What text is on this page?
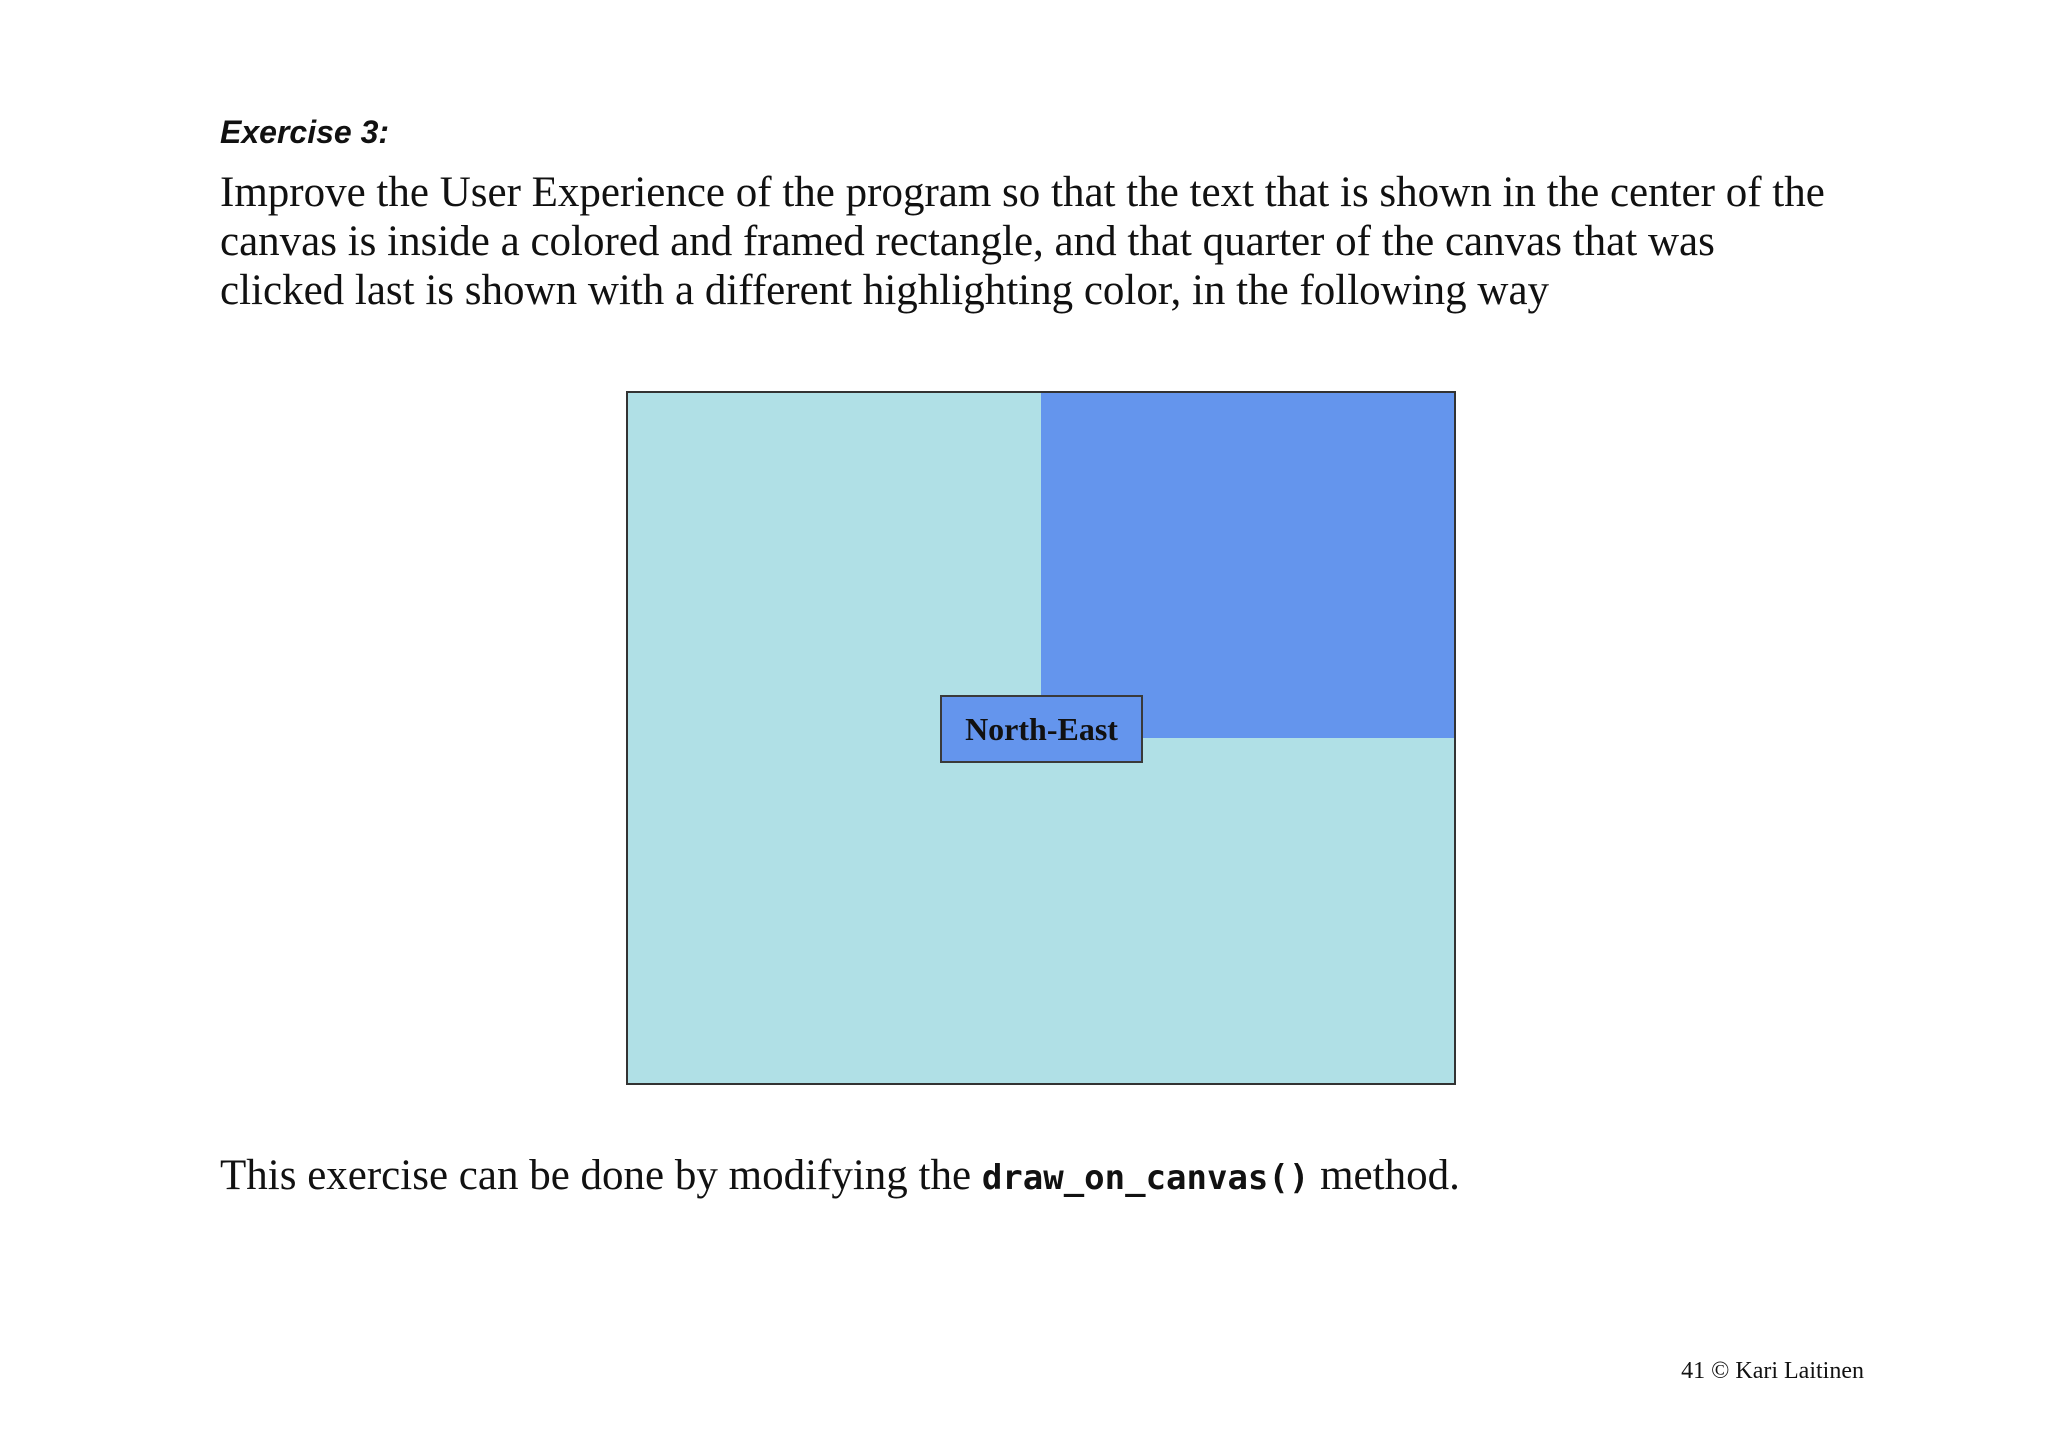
Exercise 3:
Improve the User Experience of the program so that the text that is shown in the center of the
canvas is inside a colored and framed rectangle, and that quarter of the canvas that was
clicked last is shown with a different highlighting color, in the following way
North-East
This exercise can be done by modifying the draw_on_canvas() method.
41 © Kari Laitinen
